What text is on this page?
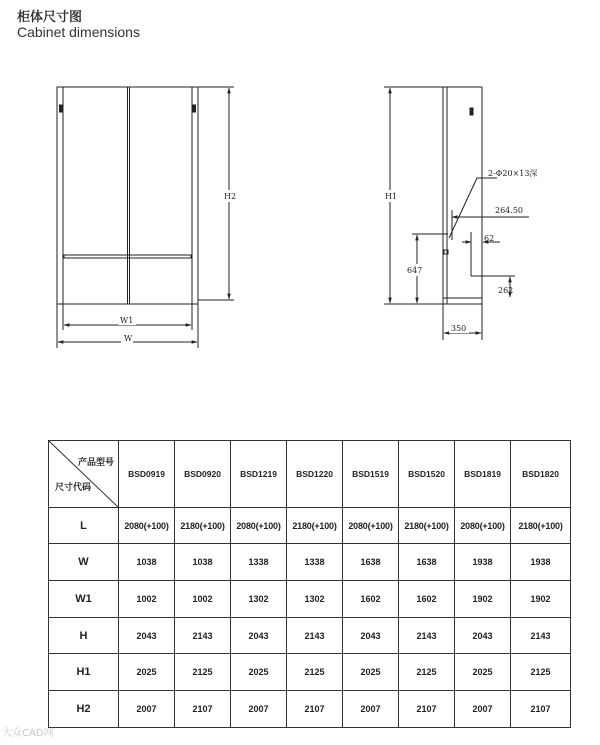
柜体尺寸图
Cabinet dimensions
H2
W1
W
H1
2-Φ20×13深
264.50
62
647
262
350
产品型号
尺寸代码	BSD0919	BSD0920	BSD1219	BSD1220	BSD1519	BSD1520	BSD1819	BSD1820
L	2080(+100)	2180(+100)	2080(+100)	2180(+100)	2080(+100)	2180(+100)	2080(+100)	2180(+100)
W	1038	1038	1338	1338	1638	1638	1938	1938
W1	1002	1002	1302	1302	1602	1602	1902	1902
H	2043	2143	2043	2143	2043	2143	2043	2143
H1	2025	2125	2025	2125	2025	2125	2025	2125
H2	2007	2107	2007	2107	2007	2107	2007	2107
大众CAD网
